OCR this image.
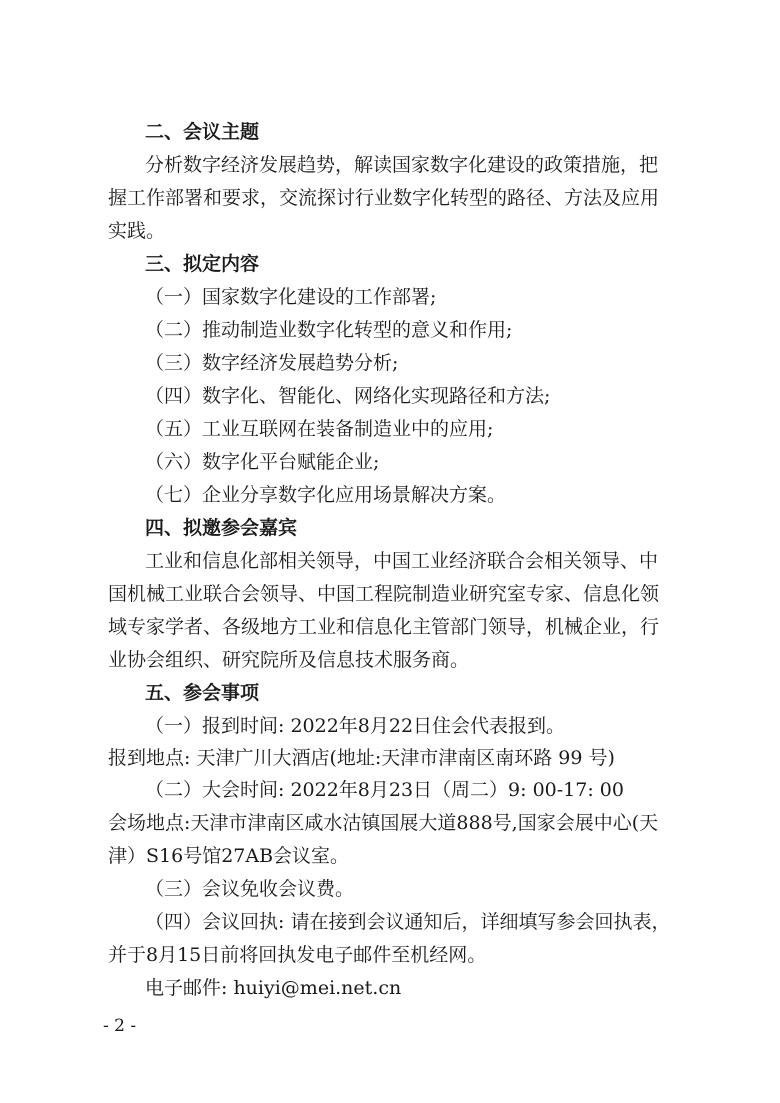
二、会议主题
分析数字经济发展趋势，解读国家数字化建设的政策措施，把
握工作部署和要求，交流探讨行业数字化转型的路径、方法及应用
实践。
三、拟定内容
（一）国家数字化建设的工作部署;
（二）推动制造业数字化转型的意义和作用;
（三）数字经济发展趋势分析;
（四）数字化、智能化、网络化实现路径和方法;
（五）工业互联网在装备制造业中的应用;
（六）数字化平台赋能企业;
（七）企业分享数字化应用场景解决方案。
四、拟邀参会嘉宾
工业和信息化部相关领导，中国工业经济联合会相关领导、中
国机械工业联合会领导、中国工程院制造业研究室专家、信息化领
域专家学者、各级地方工业和信息化主管部门领导，机械企业，行
业协会组织、研究院所及信息技术服务商。
五、参会事项
（一）报到时间: 2022年8月22日住会代表报到。
报到地点: 天津广川大酒店(地址:天津市津南区南环路 99 号)
（二）大会时间: 2022年8月23日（周二）9: 00-17: 00
会场地点:天津市津南区咸水沽镇国展大道888号,国家会展中心(天
津）S16号馆27AB会议室。
（三）会议免收会议费。
（四）会议回执: 请在接到会议通知后，详细填写参会回执表，
并于8月15日前将回执发电子邮件至机经网。
电子邮件: huiyi@mei.net.cn
- 2 -
